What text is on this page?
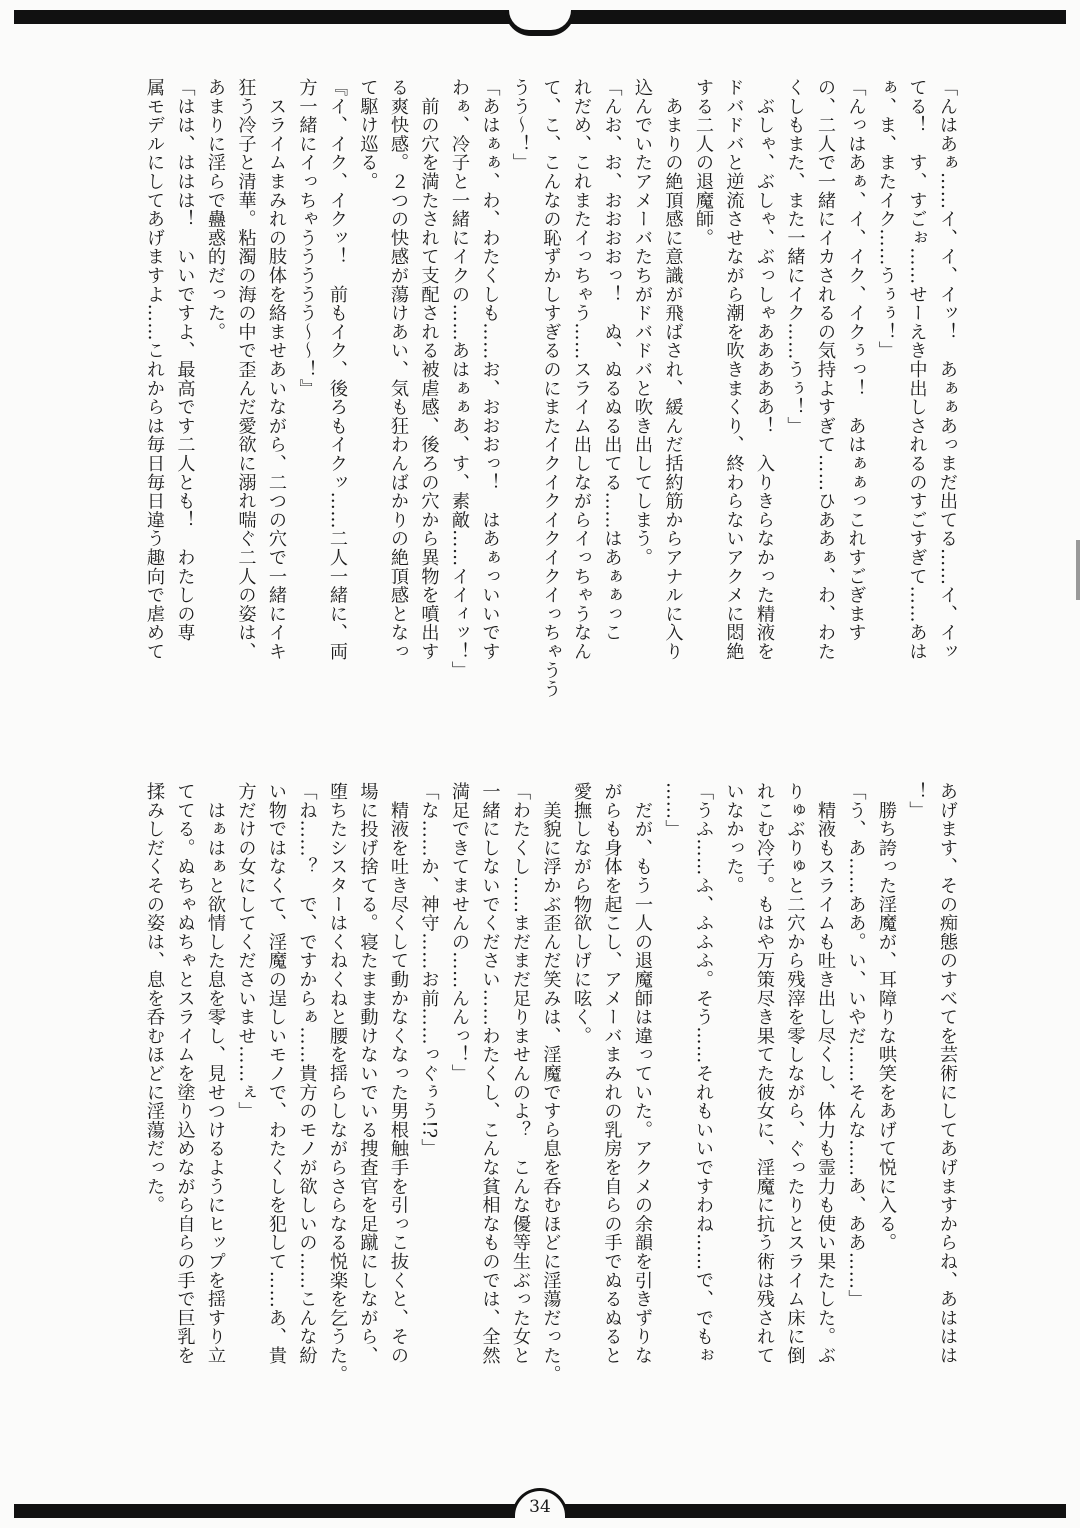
「んはあぁ……イ、イ、イッ！　あぁぁあっまだ出てる……イ、イッ
てる！　す、すごぉ……せーえき中出しされるのすごすぎて……あは
ぁ、ま、またイク……うぅぅ！」
「んっはあぁ、イ、イク、イクぅっ！　あはぁぁっこれすごぎます
の、二人で一緒にイカされるの気持よすぎて……ひああぁ、わ、わた
くしもまた、また一緒にイク……うぅ！」
　ぶしゃ、ぶしゃ、ぶっしゃあああああ！　入りきらなかった精液を
ドバドバと逆流させながら潮を吹きまくり、終わらないアクメに悶絶
する二人の退魔師。
　あまりの絶頂感に意識が飛ばされ、緩んだ括約筋からアナルに入り
込んでいたアメーバたちがドバドバと吹き出してしまう。
「んお、お、おおおおっ！　ぬ、ぬるぬる出てる……はあぁぁっこ
れだめ、これまたイっちゃう……スライム出しながらイっちゃうなん
て、こ、こんなの恥ずかしすぎるのにまたイクイクイクイクイっちゃうう
うう〜！」
「あはぁぁ、わ、わたくしも……お、おおおっ！　はあぁっいいです
わぁ、冷子と一緒にイクの……あはぁぁあ、す、素敵……イイィッ！」
　前の穴を満たされて支配される被虐感、後ろの穴から異物を噴出す
る爽快感。２つの快感が蕩けあい、気も狂わんばかりの絶頂感となっ
て駆け巡る。
『イ、イク、イクッ！　前もイク、後ろもイクッ……二人一緒に、両
方一緒にイっちゃううううう〜〜！』
　スライムまみれの肢体を絡ませあいながら、二つの穴で一緒にイキ
狂う冷子と清華。粘濁の海の中で歪んだ愛欲に溺れ喘ぐ二人の姿は、
あまりに淫らで蠱惑的だった。
「はは、ははは！　いいですよ、最高です二人とも！　わたしの専
属モデルにしてあげますよ……これからは毎日毎日違う趣向で虐めて
あげます、その痴態のすべてを芸術にしてあげますからね、あははは
！」
　勝ち誇った淫魔が、耳障りな哄笑をあげて悦に入る。
「う、あ……ああ。い、いやだ……そんな……あ、ああ……」
　精液もスライムも吐き出し尽くし、体力も霊力も使い果たした。ぶ
りゅぶりゅと二穴から残滓を零しながら、ぐったりとスライム床に倒
れこむ冷子。もはや万策尽き果てた彼女に、淫魔に抗う術は残されて
いなかった。
「うふ……ふ、ふふふ。そう……それもいいですわね……で、でもぉ
……」
　だが、もう一人の退魔師は違っていた。アクメの余韻を引きずりな
がらも身体を起こし、アメーバまみれの乳房を自らの手でぬるぬると
愛撫しながら物欲しげに呟く。
　美貌に浮かぶ歪んだ笑みは、淫魔ですら息を呑むほどに淫蕩だった。
「わたくし……まだまだ足りませんのよ？　こんな優等生ぶった女と
一緒にしないでください……わたくし、こんな貧相なものでは、全然
満足できてませんの……んんっ！」
「な……か、神守……お前……っぐぅう!?」
　精液を吐き尽くして動かなくなった男根触手を引っこ抜くと、その
場に投げ捨てる。寝たまま動けないでいる捜査官を足蹴にしながら、
堕ちたシスターはくねくねと腰を揺らしながらさらなる悦楽を乞うた。
「ね……？　で、ですからぁ……貴方のモノが欲しいの……こんな紛
い物ではなくて、淫魔の逞しいモノで、わたくしを犯して……あ、貴
方だけの女にしてくださいませ……ぇ」
　はぁはぁと欲情した息を零し、見せつけるようにヒップを揺すり立
ててる。ぬちゃぬちゃとスライムを塗り込めながら自らの手で巨乳を
揉みしだくその姿は、息を呑むほどに淫蕩だった。
34
